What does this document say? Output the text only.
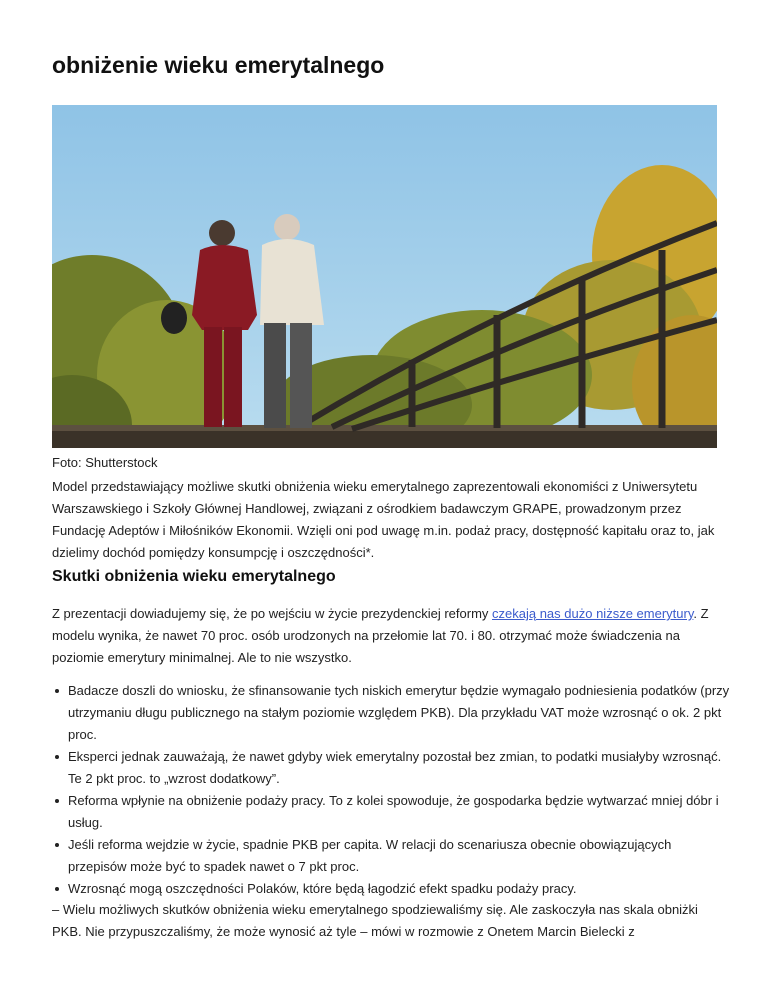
obniżenie wieku emerytalnego
Foto: Shutterstock

Model przedstawiający możliwe skutki obniżenia wieku emerytalnego zaprezentowali ekonomiści z Uniwersytetu Warszawskiego i Szkoły Głównej Handlowej, związani z ośrodkiem badawczym GRAPE, prowadzonym przez Fundację Adeptów i Miłośników Ekonomii. Wzięli oni pod uwagę m.in. podaż pracy, dostępność kapitału oraz to, jak dzielimy dochód pomiędzy konsumpcję i oszczędności*.

Skutki obniżenia wieku emerytalnego

Z prezentacji dowiadujemy się, że po wejściu w życie prezydenckiej reformy czekają nas dużo niższe emerytury. Z modelu wynika, że nawet 70 proc. osób urodzonych na przełomie lat 70. i 80. otrzymać może świadczenia na poziomie emerytury minimalnej. Ale to nie wszystko.

Badacze doszli do wniosku, że sfinansowanie tych niskich emerytur będzie wymagało podniesienia podatków (przy utrzymaniu długu publicznego na stałym poziomie względem PKB). Dla przykładu VAT może wzrosnąć o ok. 2 pkt proc.
Eksperci jednak zauważają, że nawet gdyby wiek emerytalny pozostał bez zmian, to podatki musiałyby wzrosnąć. Te 2 pkt proc. to „wzrost dodatkowy”.
Reforma wpłynie na obniżenie podaży pracy. To z kolei spowoduje, że gospodarka będzie wytwarzać mniej dóbr i usług.
Jeśli reforma wejdzie w życie, spadnie PKB per capita. W relacji do scenariusza obecnie obowiązujących przepisów może być to spadek nawet o 7 pkt proc.
Wzrosnąć mogą oszczędności Polaków, które będą łagodzić efekt spadku podaży pracy.

– Wielu możliwych skutków obniżenia wieku emerytalnego spodziewaliśmy się. Ale zaskoczyła nas skala obniżki PKB. Nie przypuszczaliśmy, że może wynosić aż tyle – mówi w rozmowie z Onetem Marcin Bielecki z
